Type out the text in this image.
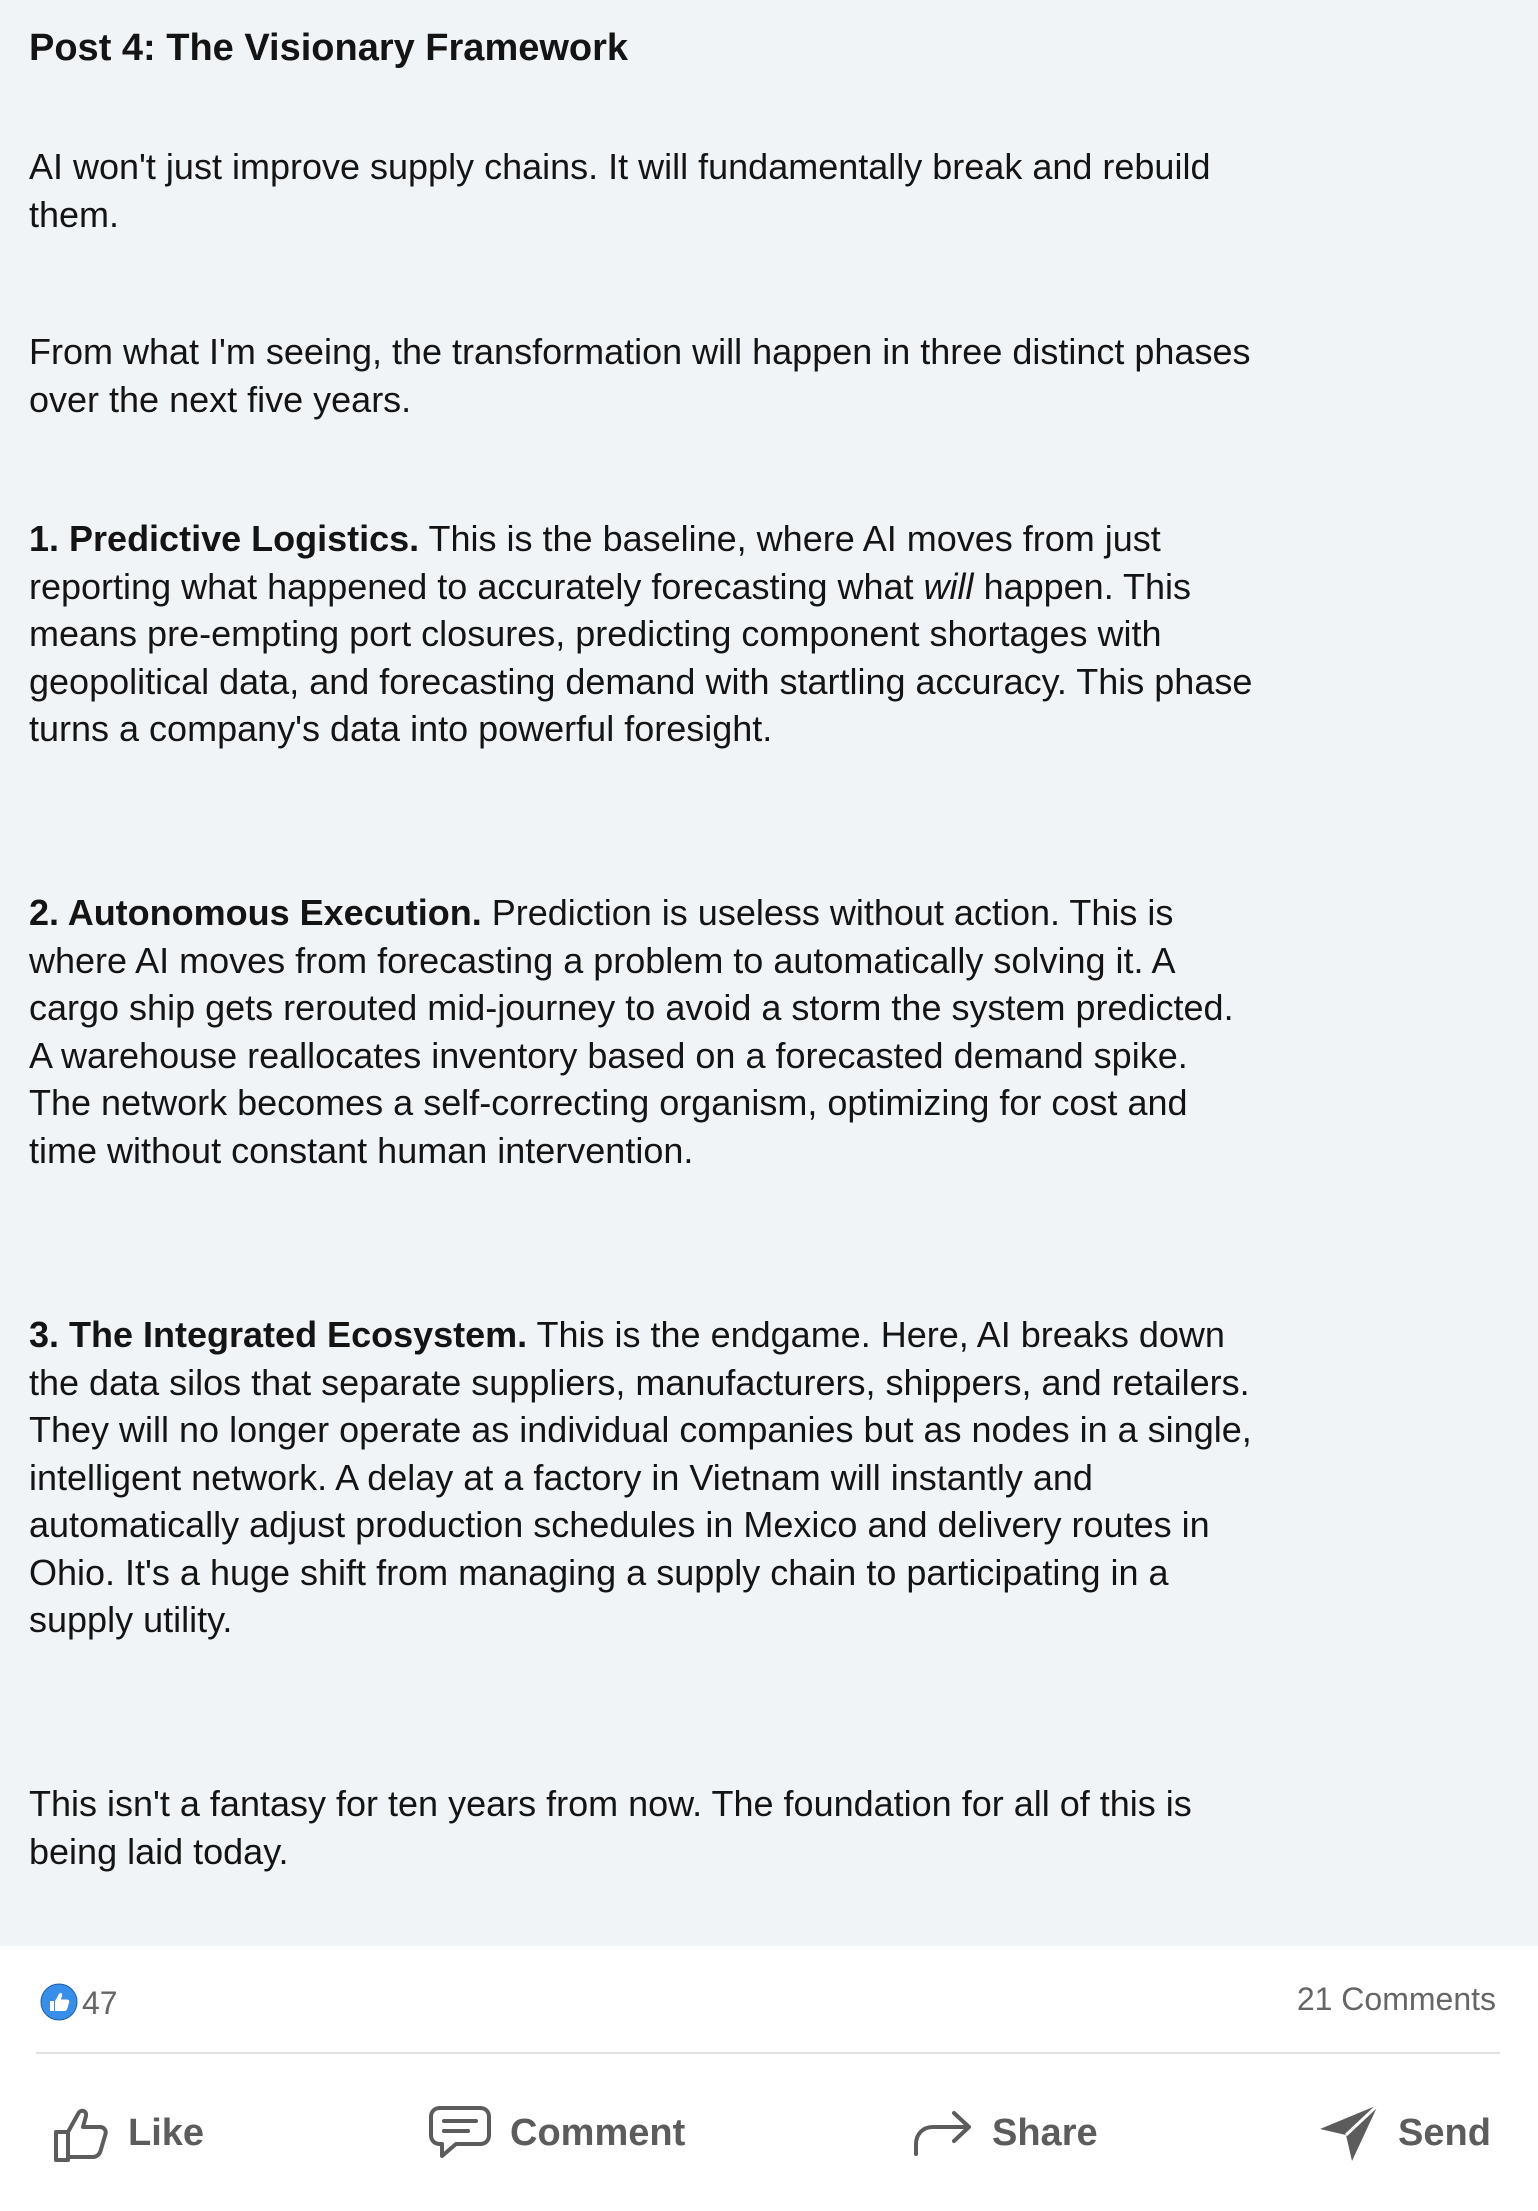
Post 4: The Visionary Framework

AI won't just improve supply chains. It will fundamentally break and rebuild them.

From what I'm seeing, the transformation will happen in three distinct phases over the next five years.

1. Predictive Logistics. This is the baseline, where AI moves from just reporting what happened to accurately forecasting what will happen. This means pre-empting port closures, predicting component shortages with geopolitical data, and forecasting demand with startling accuracy. This phase turns a company's data into powerful foresight.

2. Autonomous Execution. Prediction is useless without action. This is where AI moves from forecasting a problem to automatically solving it. A cargo ship gets rerouted mid-journey to avoid a storm the system predicted. A warehouse reallocates inventory based on a forecasted demand spike. The network becomes a self-correcting organism, optimizing for cost and time without constant human intervention.

3. The Integrated Ecosystem. This is the endgame. Here, AI breaks down the data silos that separate suppliers, manufacturers, shippers, and retailers. They will no longer operate as individual companies but as nodes in a single, intelligent network. A delay at a factory in Vietnam will instantly and automatically adjust production schedules in Mexico and delivery routes in Ohio. It's a huge shift from managing a supply chain to participating in a supply utility.

This isn't a fantasy for ten years from now. The foundation for all of this is being laid today.

47	21 Comments
Like	Comment	Share	Send
